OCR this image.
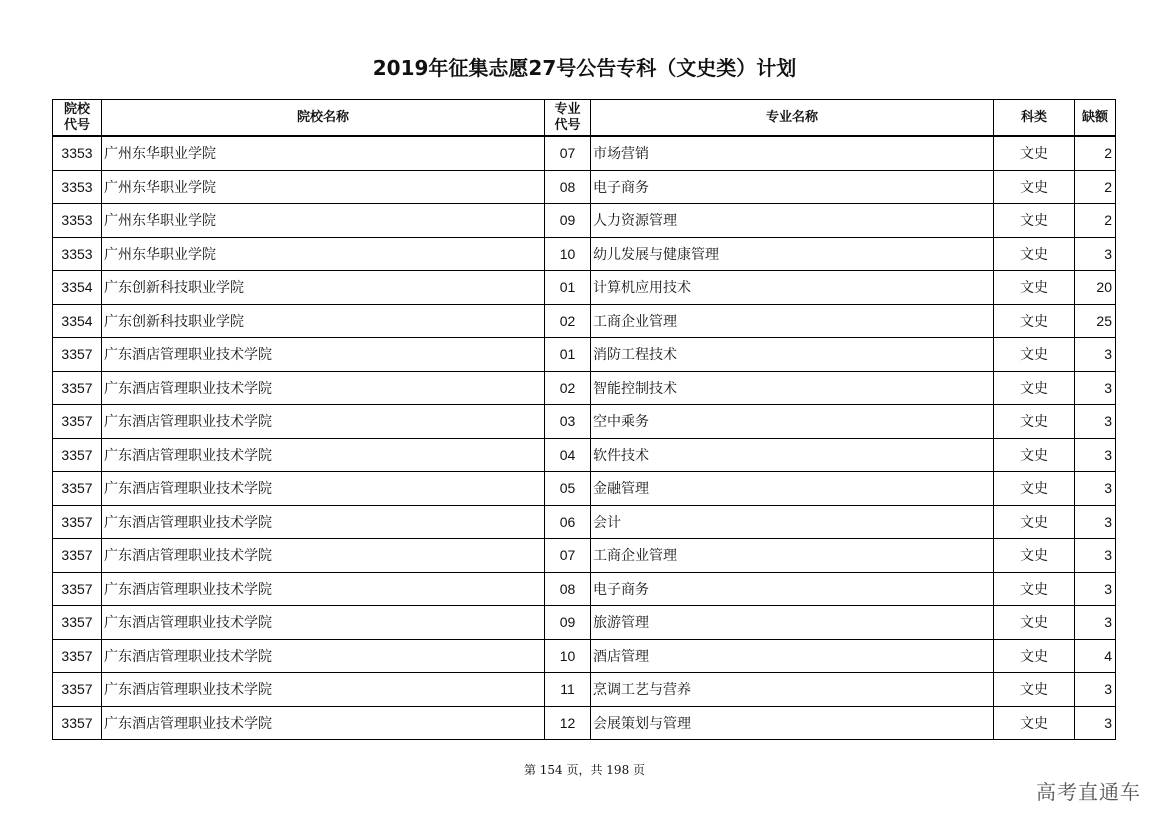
2019年征集志愿27号公告专科（文史类）计划
院校代号	院校名称	专业代号	专业名称	科类	缺额
3353	广州东华职业学院	07	市场营销	文史	2
3353	广州东华职业学院	08	电子商务	文史	2
3353	广州东华职业学院	09	人力资源管理	文史	2
3353	广州东华职业学院	10	幼儿发展与健康管理	文史	3
3354	广东创新科技职业学院	01	计算机应用技术	文史	20
3354	广东创新科技职业学院	02	工商企业管理	文史	25
3357	广东酒店管理职业技术学院	01	消防工程技术	文史	3
3357	广东酒店管理职业技术学院	02	智能控制技术	文史	3
3357	广东酒店管理职业技术学院	03	空中乘务	文史	3
3357	广东酒店管理职业技术学院	04	软件技术	文史	3
3357	广东酒店管理职业技术学院	05	金融管理	文史	3
3357	广东酒店管理职业技术学院	06	会计	文史	3
3357	广东酒店管理职业技术学院	07	工商企业管理	文史	3
3357	广东酒店管理职业技术学院	08	电子商务	文史	3
3357	广东酒店管理职业技术学院	09	旅游管理	文史	3
3357	广东酒店管理职业技术学院	10	酒店管理	文史	4
3357	广东酒店管理职业技术学院	11	烹调工艺与营养	文史	3
3357	广东酒店管理职业技术学院	12	会展策划与管理	文史	3
第 154 页，共 198 页
高考直通车
